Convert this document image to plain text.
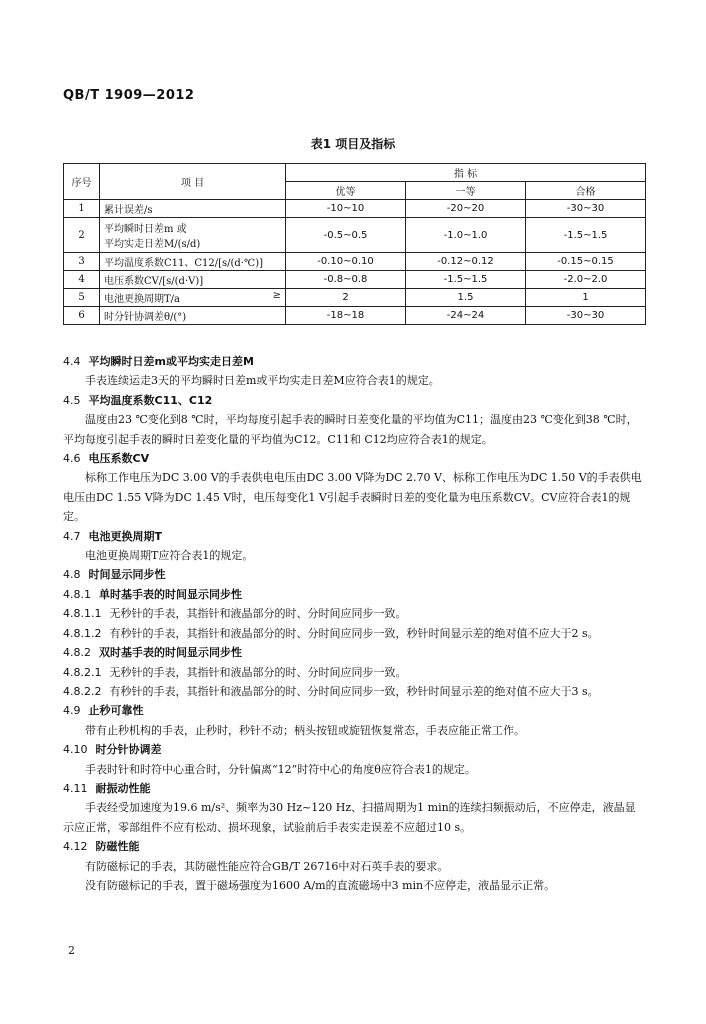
QB/T 1909—2012
表1 项目及指标
序号	项 目	指 标		
		优等	一等	合格
1	累计误差/s	-10~10	-20~20	-30~30
2	平均瞬时日差m 或
平均实走日差M/(s/d)	-0.5~0.5	-1.0~1.0	-1.5~1.5
3	平均温度系数C11、C12/[s/(d·℃)]	-0.10~0.10	-0.12~0.12	-0.15~0.15
4	电压系数CV/[s/(d·V)]	-0.8~0.8	-1.5~1.5	-2.0~2.0
5	电池更换周期T/a ≥	2	1.5	1
6	时分针协调差θ/(°)	-18~18	-24~24	-30~30

4.4 平均瞬时日差m或平均实走日差M

手表连续运走3天的平均瞬时日差m或平均实走日差M应符合表1的规定。

4.5 平均温度系数C11、C12

温度由23 ℃变化到8 ℃时，平均每度引起手表的瞬时日差变化量的平均值为C11；温度由23 ℃变化到38 ℃时，平均每度引起手表的瞬时日差变化量的平均值为C12。C11和 C12均应符合表1的规定。

4.6 电压系数CV

标称工作电压为DC 3.00 V的手表供电电压由DC 3.00 V降为DC 2.70 V、标称工作电压为DC 1.50 V的手表供电电压由DC 1.55 V降为DC 1.45 V时，电压每变化1 V引起手表瞬时日差的变化量为电压系数CV。CV应符合表1的规定。

4.7 电池更换周期T

电池更换周期T应符合表1的规定。

4.8 时间显示同步性

4.8.1 单时基手表的时间显示同步性

4.8.1.1 无秒针的手表，其指针和液晶部分的时、分时间应同步一致。

4.8.1.2 有秒针的手表，其指针和液晶部分的时、分时间应同步一致，秒针时间显示差的绝对值不应大于2 s。

4.8.2 双时基手表的时间显示同步性

4.8.2.1 无秒针的手表，其指针和液晶部分的时、分时间应同步一致。

4.8.2.2 有秒针的手表，其指针和液晶部分的时、分时间应同步一致，秒针时间显示差的绝对值不应大于3 s。

4.9 止秒可靠性

带有止秒机构的手表，止秒时，秒针不动；柄头按钮或旋钮恢复常态，手表应能正常工作。

4.10 时分针协调差

手表时针和时符中心重合时，分针偏离“12”时符中心的角度θ应符合表1的规定。

4.11 耐振动性能

手表经受加速度为19.6 m/s²、频率为30 Hz~120 Hz、扫描周期为1 min的连续扫频振动后，不应停走，液晶显示应正常，零部组件不应有松动、损坏现象，试验前后手表实走误差不应超过10 s。

4.12 防磁性能

有防磁标记的手表，其防磁性能应符合GB/T 26716中对石英手表的要求。

没有防磁标记的手表，置于磁场强度为1600 A/m的直流磁场中3 min不应停走，液晶显示正常。

2
